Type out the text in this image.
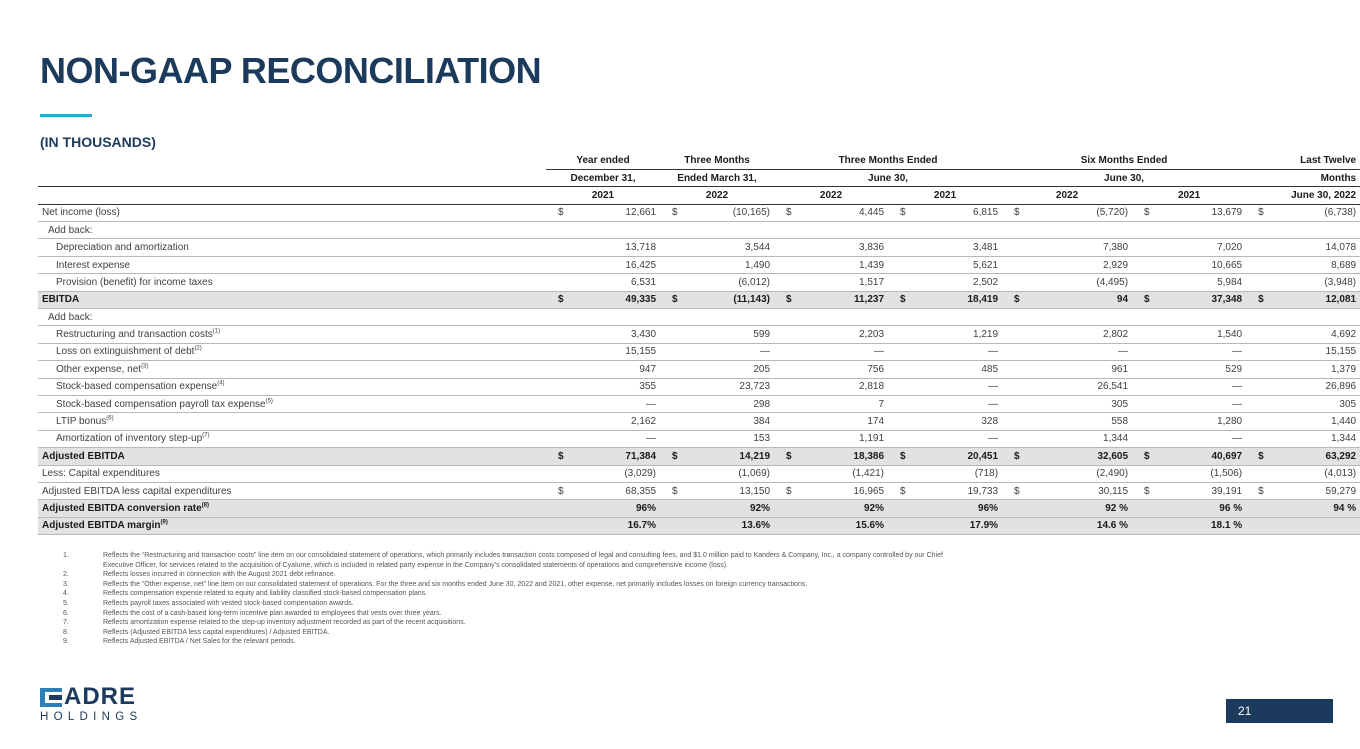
NON-GAAP RECONCILIATION
(IN THOUSANDS)
	Year ended		Three Months		Three Months Ended				Six Months Ended				Last Twelve	
	December 31,		Ended March 31,		June 30,				June 30,				Months	
	2021		2022		2022		2021		2022		2021		June 30, 2022	
Net income (loss)	$	12,661	$	(10,165)	$	4,445	$	6,815	$	(5,720)	$	13,679	$	(6,738)
Add back:														
Depreciation and amortization		13,718		3,544		3,836		3,481		7,380		7,020		14,078
Interest expense		16,425		1,490		1,439		5,621		2,929		10,665		8,689
Provision (benefit) for income taxes		6,531		(6,012)		1,517		2,502		(4,495)		5,984		(3,948)
EBITDA	$	49,335	$	(11,143)	$	11,237	$	18,419	$	94	$	37,348	$	12,081
Add back:														
Restructuring and transaction costs$^{(1)}$		3,430		599		2,203		1,219		2,802		1,540		4,692
Loss on extinguishment of debt$^{(2)}$		15,155		—		—		—		—		—		15,155
Other expense, net$^{(3)}$		947		205		756		485		961		529		1,379
Stock-based compensation expense$^{(4)}$		355		23,723		2,818		—		26,541		—		26,896
Stock-based compensation payroll tax expense$^{(5)}$		—		298		7		—		305		—		305
LTIP bonus$^{(6)}$		2,162		384		174		328		558		1,280		1,440
Amortization of inventory step-$up^{(7)}$		—		153		1,191		—		1,344		—		1,344
Adjusted EBITDA	$	71,384	$	14,219	$	18,386	$	20,451	$	32,605	$	40,697	$	63,292
Less: Capital expenditures		(3,029)		(1,069)		(1,421)		(718)		(2,490)		(1,506)		(4,013)
Adjusted EBITDA less capital expenditures	$	68,355	$	13,150	$	16,965	$	19,733	$	30,115	$	39,191	$	59,279
Adjusted EBITDA conversion rate$^{(8)}$		96%		92%		92%		96%		92 %		96 %		94 %
Adjusted EBITDA margin$^{(9)}$		16.7%		13.6%		15.6%		17.9%		14.6 %		18.1 %		
1.	Reflects the “Restructuring and transaction costs” line item on our consolidated statement of operations, which primarily includes transaction costs composed of legal and consulting fees, and $1.0 million paid to Kanders & Company, Inc., a company controlled by our Chief
Executive Officer, for services related to the acquisition of Cyalume, which is included in related party expense in the Company’s consolidated statements of operations and comprehensive income (loss).
2.	Reflects losses incurred in connection with the August 2021 debt refinance.
3.	Reflects the “Other expense, net” line item on our consolidated statement of operations. For the three and six months ended June 30, 2022 and 2021, other expense, net primarily includes losses on foreign currency transactions.
4.	Reflects compensation expense related to equity and liability classified stock-based compensation plans.
5.	Reflects payroll taxes associated with vested stock-based compensation awards.
6.	Reflects the cost of a cash-based long-term incentive plan awarded to employees that vests over three years.
7.	Reflects amortization expense related to the step-up inventory adjustment recorded as part of the recent acquisitions.
8.	Reflects (Adjusted EBITDA less capital expenditures) / Adjusted EBITDA.
9.	Reflects Adjusted EBITDA / Net Sales for the relevant periods.
ADRE
HOLDINGS	21
